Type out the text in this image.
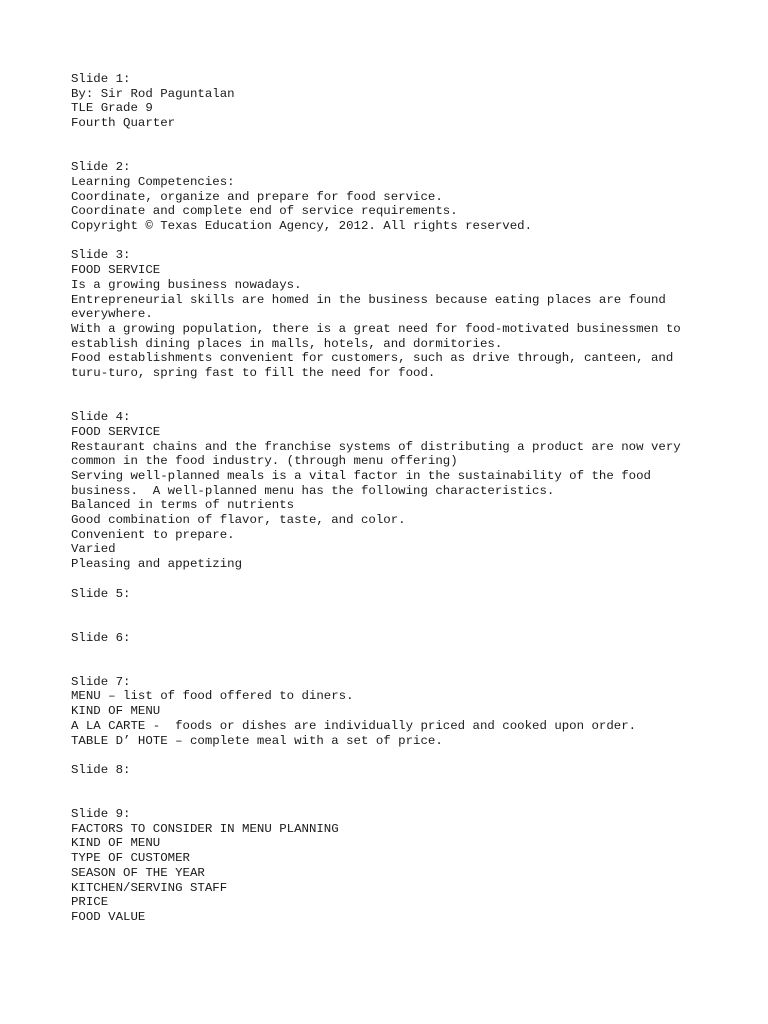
Slide 1:
By: Sir Rod Paguntalan
TLE Grade 9
Fourth Quarter
Slide 2:
Learning Competencies:
Coordinate, organize and prepare for food service.
Coordinate and complete end of service requirements.
Copyright © Texas Education Agency, 2012. All rights reserved.
Slide 3:
FOOD SERVICE
Is a growing business nowadays.
Entrepreneurial skills are homed in the business because eating places are found everywhere.
With a growing population, there is a great need for food-motivated businessmen to establish dining places in malls, hotels, and dormitories.
Food establishments convenient for customers, such as drive through, canteen, and turu-turo, spring fast to fill the need for food.
Slide 4:
FOOD SERVICE
Restaurant chains and the franchise systems of distributing a product are now very common in the food industry. (through menu offering)
Serving well-planned meals is a vital factor in the sustainability of the food business.  A well-planned menu has the following characteristics.
Balanced in terms of nutrients
Good combination of flavor, taste, and color.
Convenient to prepare.
Varied
Pleasing and appetizing
Slide 5:
Slide 6:
Slide 7:
MENU – list of food offered to diners.
KIND OF MENU
A LA CARTE -  foods or dishes are individually priced and cooked upon order.
TABLE D’ HOTE – complete meal with a set of price.
Slide 8:
Slide 9:
FACTORS TO CONSIDER IN MENU PLANNING
KIND OF MENU
TYPE OF CUSTOMER
SEASON OF THE YEAR
KITCHEN/SERVING STAFF
PRICE
FOOD VALUE
